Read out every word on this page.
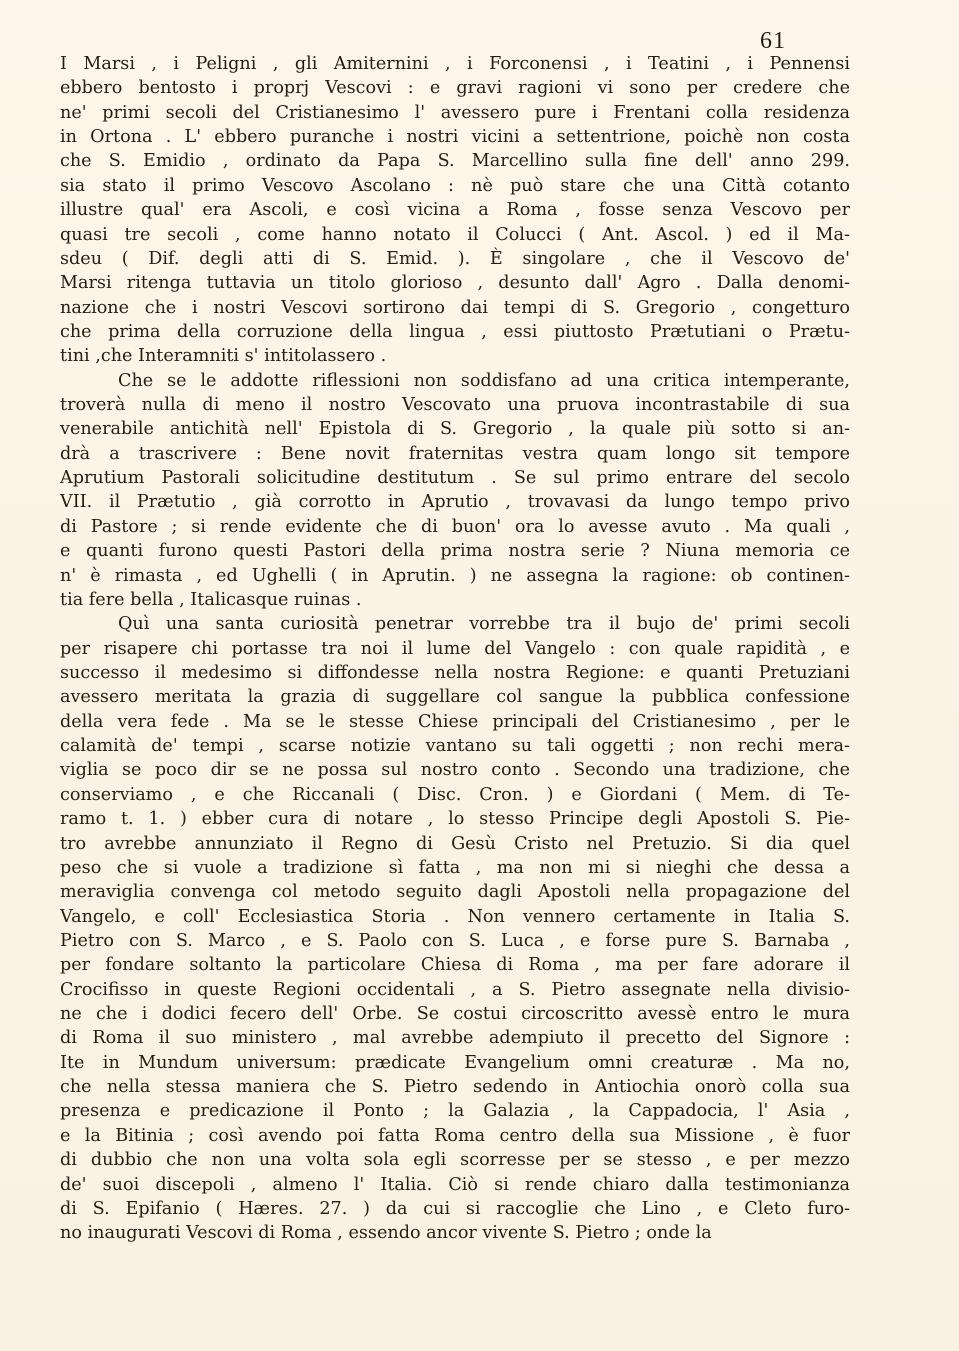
61
I Marsi , i Peligni , gli Amiternini , i Forconensi , i Teatini , i Pennensi
ebbero bentosto i proprj Vescovi : e gravi ragioni vi sono per credere che
ne' primi secoli del Cristianesimo l' avessero pure i Frentani colla residenza
in Ortona . L' ebbero puranche i nostri vicini a settentrione, poichè non costa
che S. Emidio , ordinato da Papa S. Marcellino sulla fine dell' anno 299.
sia stato il primo Vescovo Ascolano : nè può stare che una Città cotanto
illustre qual' era Ascoli, e così vicina a Roma , fosse senza Vescovo per
quasi tre secoli , come hanno notato il Colucci ( Ant. Ascol. ) ed il Ma-
sdeu ( Dif. degli atti di S. Emid. ). È singolare , che il Vescovo de'
Marsi ritenga tuttavia un titolo glorioso , desunto dall' Agro . Dalla denomi-
nazione che i nostri Vescovi sortirono dai tempi di S. Gregorio , congetturo
che prima della corruzione della lingua , essi piuttosto Prætutiani o Prætu-
tini ,che Interamniti s' intitolassero .
Che se le addotte riflessioni non soddisfano ad una critica intemperante,
troverà nulla di meno il nostro Vescovato una pruova incontrastabile di sua
venerabile antichità nell' Epistola di S. Gregorio , la quale più sotto si an-
drà a trascrivere : Bene novit fraternitas vestra quam longo sit tempore
Aprutium Pastorali solicitudine destitutum . Se sul primo entrare del secolo
VII. il Prætutio , già corrotto in Aprutio , trovavasi da lungo tempo privo
di Pastore ; si rende evidente che di buon' ora lo avesse avuto . Ma quali ,
e quanti furono questi Pastori della prima nostra serie ? Niuna memoria ce
n' è rimasta , ed Ughelli ( in Aprutin. ) ne assegna la ragione: ob continen-
tia fere bella , Italicasque ruinas .
Quì una santa curiosità penetrar vorrebbe tra il bujo de' primi secoli
per risapere chi portasse tra noi il lume del Vangelo : con quale rapidità , e
successo il medesimo si diffondesse nella nostra Regione: e quanti Pretuziani
avessero meritata la grazia di suggellare col sangue la pubblica confessione
della vera fede . Ma se le stesse Chiese principali del Cristianesimo , per le
calamità de' tempi , scarse notizie vantano su tali oggetti ; non rechi mera-
viglia se poco dir se ne possa sul nostro conto . Secondo una tradizione, che
conserviamo , e che Riccanali ( Disc. Cron. ) e Giordani ( Mem. di Te-
ramo t. 1. ) ebber cura di notare , lo stesso Principe degli Apostoli S. Pie-
tro avrebbe annunziato il Regno di Gesù Cristo nel Pretuzio. Si dia quel
peso che si vuole a tradizione sì fatta , ma non mi si nieghi che dessa a
meraviglia convenga col metodo seguito dagli Apostoli nella propagazione del
Vangelo, e coll' Ecclesiastica Storia . Non vennero certamente in Italia S.
Pietro con S. Marco , e S. Paolo con S. Luca , e forse pure S. Barnaba ,
per fondare soltanto la particolare Chiesa di Roma , ma per fare adorare il
Crocifisso in queste Regioni occidentali , a S. Pietro assegnate nella divisio-
ne che i dodici fecero dell' Orbe. Se costui circoscritto avessè entro le mura
di Roma il suo ministero , mal avrebbe adempiuto il precetto del Signore :
Ite in Mundum universum: prædicate Evangelium omni creaturæ . Ma no,
che nella stessa maniera che S. Pietro sedendo in Antiochia onorò colla sua
presenza e predicazione il Ponto ; la Galazia , la Cappadocia, l' Asia ,
e la Bitinia ; così avendo poi fatta Roma centro della sua Missione , è fuor
di dubbio che non una volta sola egli scorresse per se stesso , e per mezzo
de' suoi discepoli , almeno l' Italia. Ciò si rende chiaro dalla testimonianza
di S. Epifanio ( Hæres. 27. ) da cui si raccoglie che Lino , e Cleto furo-
no inaugurati Vescovi di Roma , essendo ancor vivente S. Pietro ; onde la
